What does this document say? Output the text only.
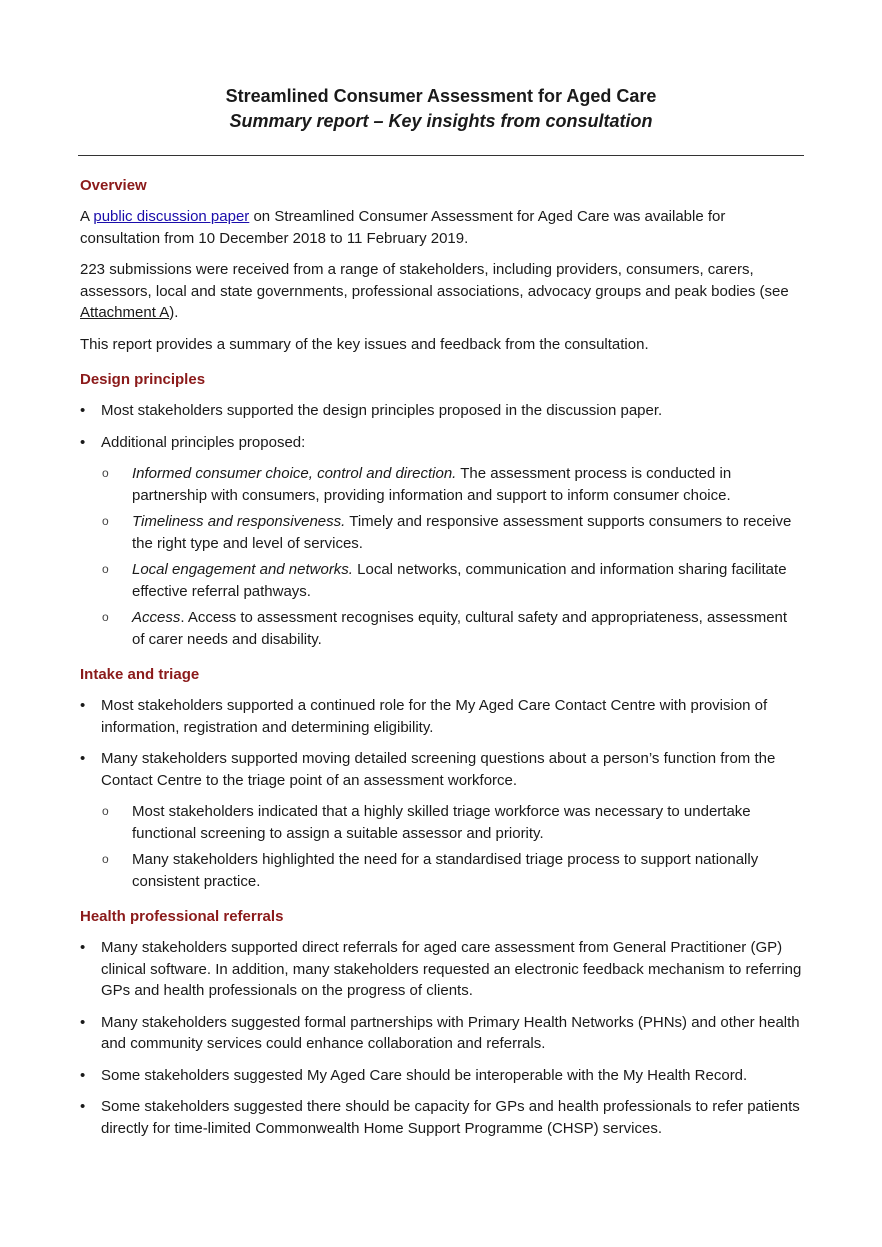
Streamlined Consumer Assessment for Aged Care

Summary report – Key insights from consultation

Overview

A public discussion paper on Streamlined Consumer Assessment for Aged Care was available for consultation from 10 December 2018 to 11 February 2019.

223 submissions were received from a range of stakeholders, including providers, consumers, carers, assessors, local and state governments, professional associations, advocacy groups and peak bodies (see Attachment A).

This report provides a summary of the key issues and feedback from the consultation.

Design principles

• Most stakeholders supported the design principles proposed in the discussion paper.
• Additional principles proposed:
o Informed consumer choice, control and direction. The assessment process is conducted in partnership with consumers, providing information and support to inform consumer choice.
o Timeliness and responsiveness. Timely and responsive assessment supports consumers to receive the right type and level of services.
o Local engagement and networks. Local networks, communication and information sharing facilitate effective referral pathways.
o Access. Access to assessment recognises equity, cultural safety and appropriateness, assessment of carer needs and disability.

Intake and triage

• Most stakeholders supported a continued role for the My Aged Care Contact Centre with provision of information, registration and determining eligibility.
• Many stakeholders supported moving detailed screening questions about a person’s function from the Contact Centre to the triage point of an assessment workforce.
o Most stakeholders indicated that a highly skilled triage workforce was necessary to undertake functional screening to assign a suitable assessor and priority.
o Many stakeholders highlighted the need for a standardised triage process to support nationally consistent practice.

Health professional referrals

• Many stakeholders supported direct referrals for aged care assessment from General Practitioner (GP) clinical software. In addition, many stakeholders requested an electronic feedback mechanism to referring GPs and health professionals on the progress of clients.
• Many stakeholders suggested formal partnerships with Primary Health Networks (PHNs) and other health and community services could enhance collaboration and referrals.
• Some stakeholders suggested My Aged Care should be interoperable with the My Health Record.
• Some stakeholders suggested there should be capacity for GPs and health professionals to refer patients directly for time-limited Commonwealth Home Support Programme (CHSP) services.
